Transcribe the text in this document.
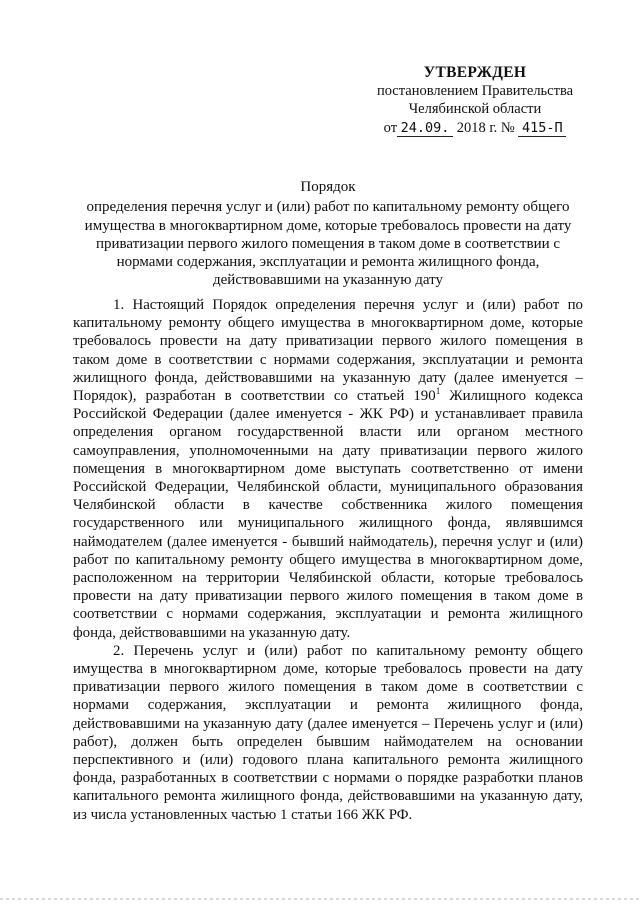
УТВЕРЖДЕН
постановлением Правительства
Челябинской области
от 24.09. 2018 г. № 415-П
Порядок
определения перечня услуг и (или) работ по капитальному ремонту общего
имущества в многоквартирном доме, которые требовалось провести на дату
приватизации первого жилого помещения в таком доме в соответствии с
нормами содержания, эксплуатации и ремонта жилищного фонда,
действовавшими на указанную дату

1. Настоящий Порядок определения перечня услуг и (или) работ по капитальному ремонту общего имущества в многоквартирном доме, которые требовалось провести на дату приватизации первого жилого помещения в таком доме в соответствии с нормами содержания, эксплуатации и ремонта жилищного фонда, действовавшими на указанную дату (далее именуется – Порядок), разработан в соответствии со статьей $190^1$ Жилищного кодекса Российской Федерации (далее именуется - ЖК РФ) и устанавливает правила определения органом государственной власти или органом местного самоуправления, уполномоченными на дату приватизации первого жилого помещения в многоквартирном доме выступать соответственно от имени Российской Федерации, Челябинской области, муниципального образования Челябинской области в качестве собственника жилого помещения государственного или муниципального жилищного фонда, являвшимся наймодателем (далее именуется - бывший наймодатель), перечня услуг и (или) работ по капитальному ремонту общего имущества в многоквартирном доме, расположенном на территории Челябинской области, которые требовалось провести на дату приватизации первого жилого помещения в таком доме в соответствии с нормами содержания, эксплуатации и ремонта жилищного фонда, действовавшими на указанную дату.

2. Перечень услуг и (или) работ по капитальному ремонту общего имущества в многоквартирном доме, которые требовалось провести на дату приватизации первого жилого помещения в таком доме в соответствии с нормами содержания, эксплуатации и ремонта жилищного фонда, действовавшими на указанную дату (далее именуется – Перечень услуг и (или) работ), должен быть определен бывшим наймодателем на основании перспективного и (или) годового плана капитального ремонта жилищного фонда, разработанных в соответствии с нормами о порядке разработки планов капитального ремонта жилищного фонда, действовавшими на указанную дату, из числа установленных частью 1 статьи 166 ЖК РФ.
